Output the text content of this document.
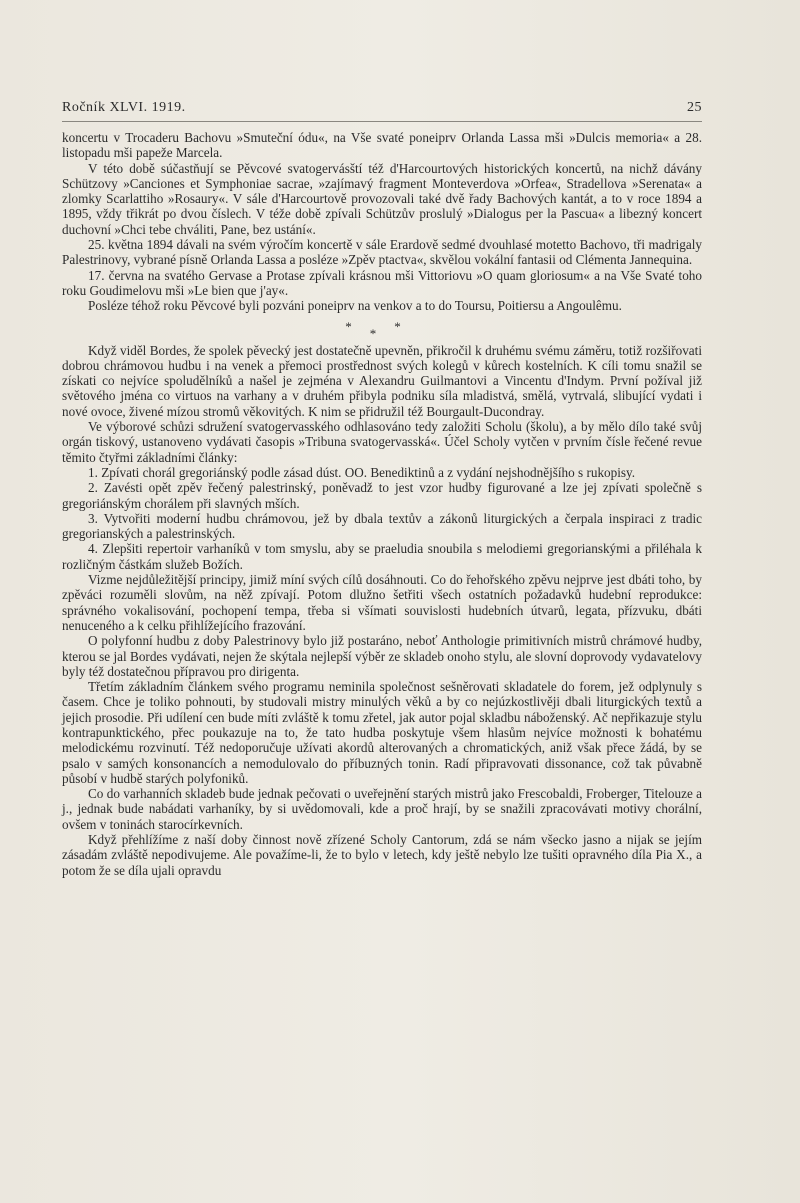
Ročník XLVI. 1919.	25

koncertu v Trocaderu Bachovu »Smuteční ódu«, na Vše svaté poneiprv Orlanda Lassa mši »Dulcis memoria« a 28. listopadu mši papeže Marcela.

V této době súčastňují se Pěvcové svatogervásští též d'Harcourtových historických koncertů, na nichž dávány Schützovy »Canciones et Symphoniae sacrae, »zajímavý fragment Monteverdova »Orfea«, Stradellova »Serenata« a zlomky Scarlattiho »Rosaury«. V sále d'Harcourtově provozovali také dvě řady Bachových kantát, a to v roce 1894 a 1895, vždy třikrát po dvou číslech. V téže době zpívali Schützův proslulý »Dialogus per la Pascua« a libezný koncert duchovní »Chci tebe chváliti, Pane, bez ustání«.

25. května 1894 dávali na svém výročím koncertě v sále Erardově sedmé dvouhlasé motetto Bachovo, tři madrigaly Palestrinovy, vybrané písně Orlanda Lassa a posléze »Zpěv ptactva«, skvělou vokální fantasii od Clémenta Jannequina.

17. června na svatého Gervase a Protase zpívali krásnou mši Vittoriovu »O quam gloriosum« a na Vše Svaté toho roku Goudimelovu mši »Le bien que j'ay«.

Posléze téhož roku Pěvcové byli pozváni poneiprv na venkov a to do Toursu, Poitiersu a Angoulêmu.

***

Když viděl Bordes, že spolek pěvecký jest dostatečně upevněn, přikročil k druhému svému záměru, totiž rozšiřovati dobrou chrámovou hudbu i na venek a přemoci prostřednost svých kolegů v kůrech kostelních. K cíli tomu snažil se získati co nejvíce spoludělníků a našel je zejména v Alexandru Guilmantovi a Vincentu d'Indym. První požíval již světového jména co virtuos na varhany a v druhém přibyla podniku síla mladistvá, smělá, vytrvalá, slibující vydati i nové ovoce, živené mízou stromů věkovitých. K nim se přidružil též Bourgault-Ducondray.

Ve výborové schůzi sdružení svatogervasského odhlasováno tedy založiti Scholu (školu), a by mělo dílo také svůj orgán tiskový, ustanoveno vydávati časopis »Tribuna svatogervasská«. Účel Scholy vytčen v prvním čísle řečené revue těmito čtyřmi základními články:

1. Zpívati chorál gregoriánský podle zásad dúst. OO. Benediktinů a z vydání nejshodnějšího s rukopisy.

2. Zavésti opět zpěv řečený palestrinský, poněvadž to jest vzor hudby figurované a lze jej zpívati společně s gregoriánským chorálem při slavných mších.

3. Vytvořiti moderní hudbu chrámovou, jež by dbala textův a zákonů liturgických a čerpala inspiraci z tradic gregorianských a palestrinských.

4. Zlepšiti repertoir varhaníků v tom smyslu, aby se praeludia snoubila s melodiemi gregorianskými a přiléhala k rozličným částkám služeb Božích.

Vizme nejdůležitější principy, jimiž míní svých cílů dosáhnouti. Co do řehořského zpěvu nejprve jest dbáti toho, by zpěváci rozuměli slovům, na něž zpívají. Potom dlužno šetřiti všech ostatních požadavků hudební reprodukce: správného vokalisování, pochopení tempa, třeba si všímati souvislosti hudebních útvarů, legata, přízvuku, dbáti nenuceného a k celku přihlížejícího frazování.

O polyfonní hudbu z doby Palestrinovy bylo již postaráno, neboť Anthologie primitivních mistrů chrámové hudby, kterou se jal Bordes vydávati, nejen že skýtala nejlepší výběr ze skladeb onoho stylu, ale slovní doprovody vydavatelovy byly též dostatečnou přípravou pro dirigenta.

Třetím základním článkem svého programu neminila společnost sešněrovati skladatele do forem, jež odplynuly s časem. Chce je toliko pohnouti, by studovali mistry minulých věků a by co nejúzkostlivěji dbali liturgických textů a jejich prosodie. Při udílení cen bude míti zvláště k tomu zřetel, jak autor pojal skladbu náboženský. Ač nepřikazuje stylu kontrapunktického, přec poukazuje na to, že tato hudba poskytuje všem hlasům nejvíce možnosti k bohatému melodickému rozvinutí. Též nedoporučuje užívati akordů alterovaných a chromatických, aniž však přece žádá, by se psalo v samých konsonancích a nemodulovalo do příbuzných tonin. Radí připravovati dissonance, což tak půvabně působí v hudbě starých polyfoniků.

Co do varhanních skladeb bude jednak pečovati o uveřejnění starých mistrů jako Frescobaldi, Froberger, Titelouze a j., jednak bude nabádati varhaníky, by si uvědomovali, kde a proč hrají, by se snažili zpracovávati motivy chorální, ovšem v toninách starocírkevních.

Když přehlížíme z naší doby činnost nově zřízené Scholy Cantorum, zdá se nám všecko jasno a nijak se jejím zásadám zvláště nepodivujeme. Ale považíme-li, že to bylo v letech, kdy ještě nebylo lze tušiti opravného díla Pia X., a potom že se díla ujali opravdu
